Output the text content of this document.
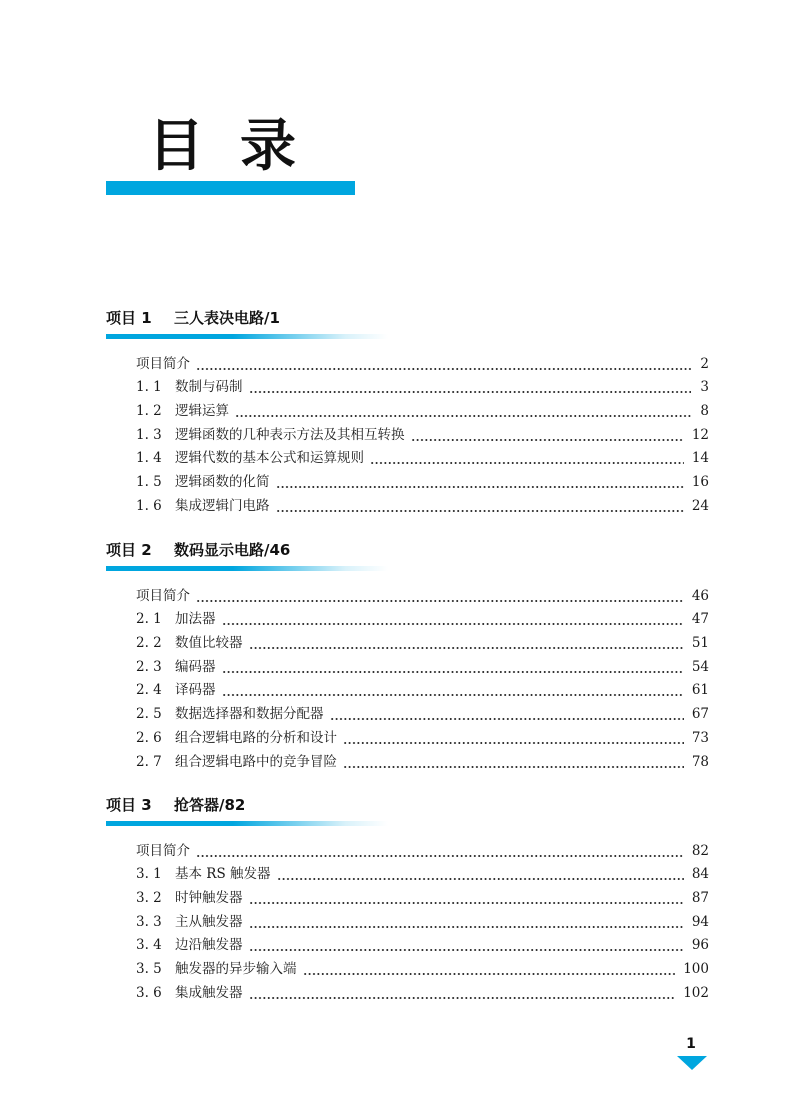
目录
项目 1 三人表决电路/1
项目简介	2
1. 1 数制与码制	3
1. 2 逻辑运算	8
1. 3 逻辑函数的几种表示方法及其相互转换	12
1. 4 逻辑代数的基本公式和运算规则	14
1. 5 逻辑函数的化简	16
1. 6 集成逻辑门电路	24
项目 2 数码显示电路/46
项目简介	46
2. 1 加法器	47
2. 2 数值比较器	51
2. 3 编码器	54
2. 4 译码器	61
2. 5 数据选择器和数据分配器	67
2. 6 组合逻辑电路的分析和设计	73
2. 7 组合逻辑电路中的竞争冒险	78
项目 3 抢答器/82
项目简介	82
3. 1 基本 RS 触发器	84
3. 2 时钟触发器	87
3. 3 主从触发器	94
3. 4 边沿触发器	96
3. 5 触发器的异步输入端	100
3. 6 集成触发器	102
1
